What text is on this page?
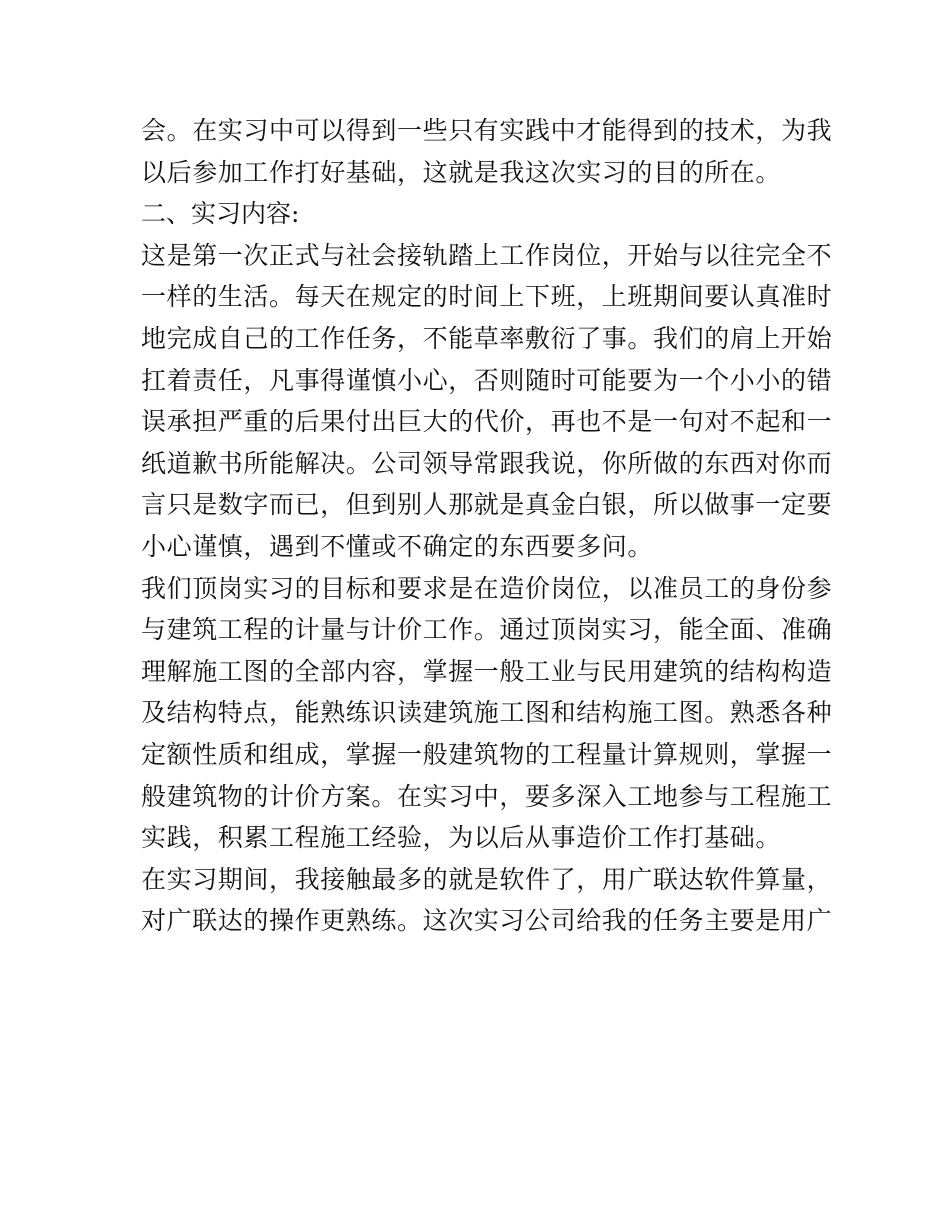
会。在实习中可以得到一些只有实践中才能得到的技术，为我
以后参加工作打好基础，这就是我这次实习的目的所在。
二、实习内容:
这是第一次正式与社会接轨踏上工作岗位，开始与以往完全不
一样的生活。每天在规定的时间上下班，上班期间要认真准时
地完成自己的工作任务，不能草率敷衍了事。我们的肩上开始
扛着责任，凡事得谨慎小心，否则随时可能要为一个小小的错
误承担严重的后果付出巨大的代价，再也不是一句对不起和一
纸道歉书所能解决。公司领导常跟我说，你所做的东西对你而
言只是数字而已，但到别人那就是真金白银，所以做事一定要
小心谨慎，遇到不懂或不确定的东西要多问。
我们顶岗实习的目标和要求是在造价岗位，以准员工的身份参
与建筑工程的计量与计价工作。通过顶岗实习，能全面、准确
理解施工图的全部内容，掌握一般工业与民用建筑的结构构造
及结构特点，能熟练识读建筑施工图和结构施工图。熟悉各种
定额性质和组成，掌握一般建筑物的工程量计算规则，掌握一
般建筑物的计价方案。在实习中，要多深入工地参与工程施工
实践，积累工程施工经验，为以后从事造价工作打基础。
在实习期间，我接触最多的就是软件了，用广联达软件算量，
对广联达的操作更熟练。这次实习公司给我的任务主要是用广
